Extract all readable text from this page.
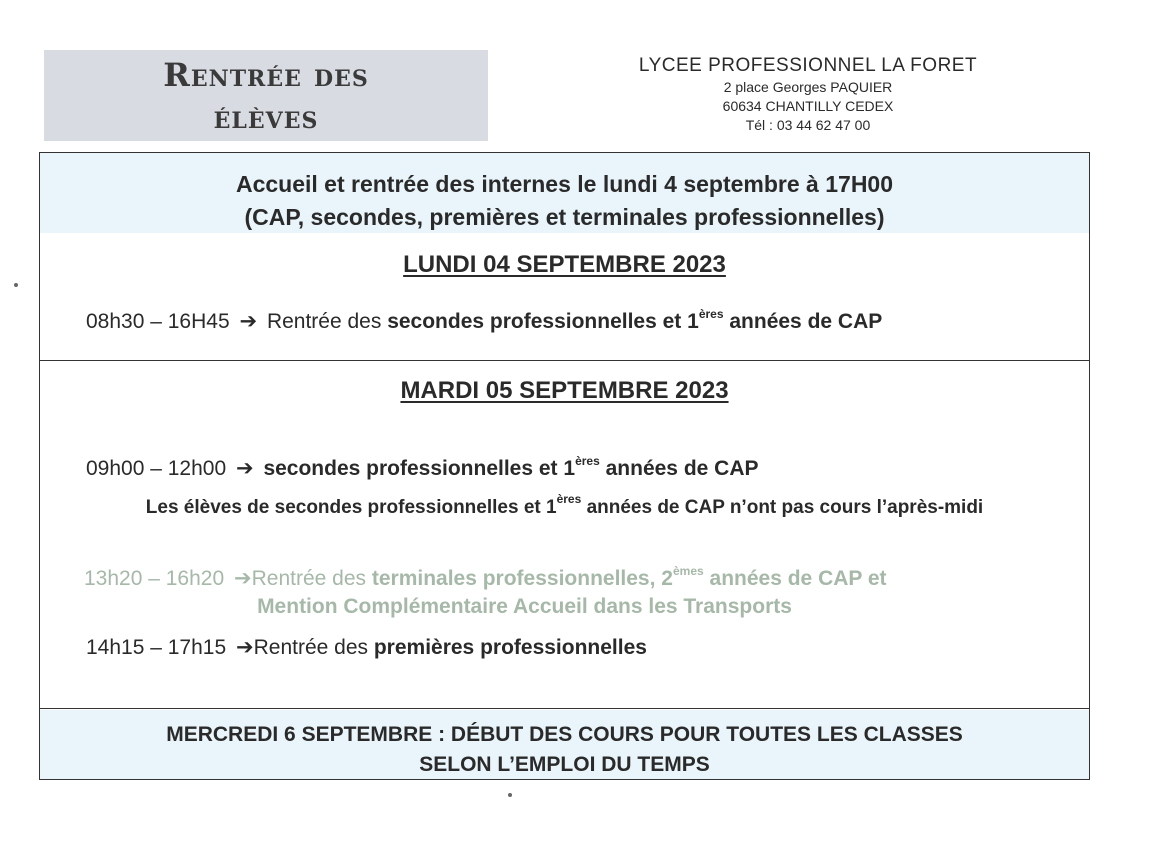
Rentrée des
élèves
LYCEE PROFESSIONNEL LA FORET
2 place Georges PAQUIER
60634 CHANTILLY CEDEX
Tél : 03 44 62 47 00
Accueil et rentrée des internes le lundi 4 septembre à 17H00
(CAP, secondes, premières et terminales professionnelles)
LUNDI 04 SEPTEMBRE 2023
08h30 – 16H45 ➔ Rentrée des secondes professionnelles et 1ères années de CAP
MARDI 05 SEPTEMBRE 2023
09h00 – 12h00 ➔ secondes professionnelles et 1ères années de CAP
Les élèves de secondes professionnelles et 1ères années de CAP n’ont pas cours l’après-midi
13h20 – 16h20 ➔Rentrée des terminales professionnelles, 2èmes années de CAP et
Mention Complémentaire Accueil dans les Transports
14h15 – 17h15 ➔Rentrée des premières professionnelles
MERCREDI 6 SEPTEMBRE : DÉBUT DES COURS POUR TOUTES LES CLASSES
SELON L’EMPLOI DU TEMPS
